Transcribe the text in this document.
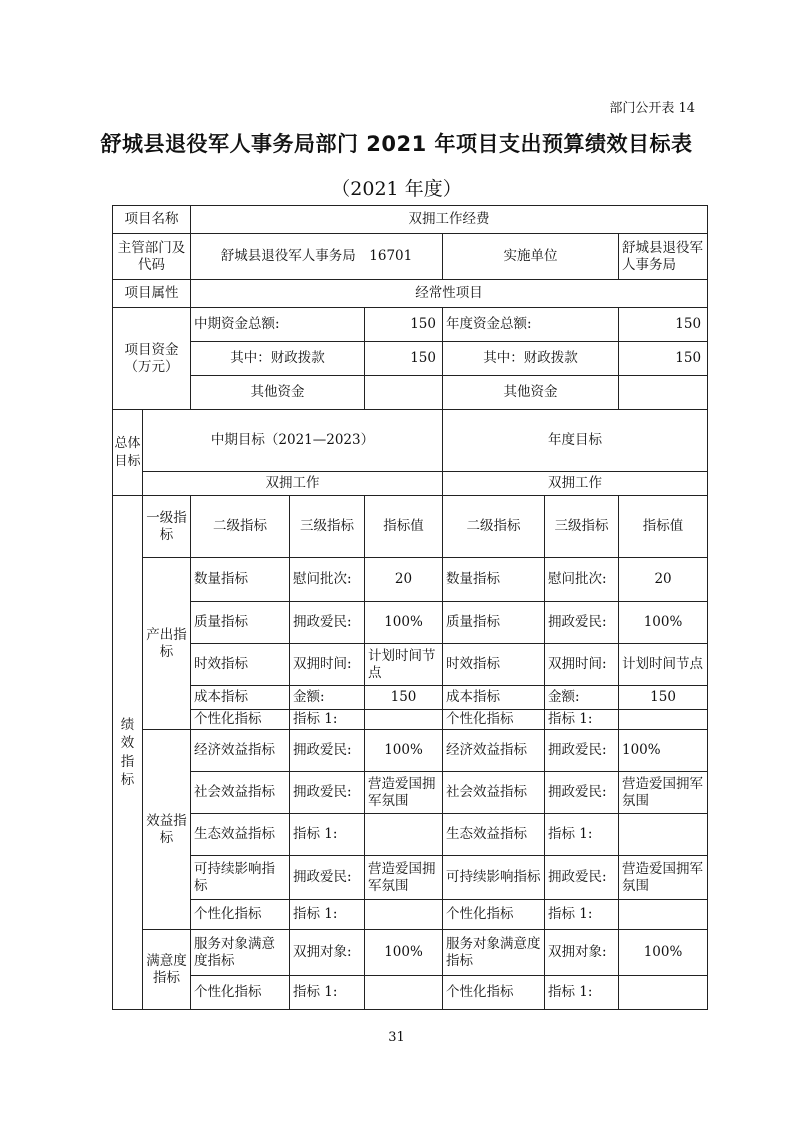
部门公开表 14
舒城县退役军人事务局部门 2021 年项目支出预算绩效目标表
（2021 年度）
项目名称		双拥工作经费					
主管部门及代码		舒城县退役军人事务局　16701			实施单位		舒城县退役军人事务局
项目属性		经常性项目					
项目资金（万元）		中期资金总额:		150	年度资金总额:		150
		其中：财政拨款		150	其中：财政拨款		150
		其他资金			其他资金		
总体目标	中期目标（2021—2023）				年度目标		
	双拥工作				双拥工作		
绩效指标	一级指标	二级指标	三级指标	指标值	二级指标	三级指标	指标值
	产出指标	数量指标	慰问批次:	20	数量指标	慰问批次:	20
		质量指标	拥政爱民:	100%	质量指标	拥政爱民:	100%
		时效指标	双拥时间:	计划时间节点	时效指标	双拥时间:	计划时间节点
		成本指标	金额:	150	成本指标	金额:	150
		个性化指标	指标 1:		个性化指标	指标 1:	
	效益指标	经济效益指标	拥政爱民:	100%	经济效益指标	拥政爱民:	100%
		社会效益指标	拥政爱民:	营造爱国拥军氛围	社会效益指标	拥政爱民:	营造爱国拥军氛围
		生态效益指标	指标 1:		生态效益指标	指标 1:	
		可持续影响指标	拥政爱民:	营造爱国拥军氛围	可持续影响指标	拥政爱民:	营造爱国拥军氛围
		个性化指标	指标 1:		个性化指标	指标 1:	
	满意度指标	服务对象满意度指标	双拥对象:	100%	服务对象满意度指标	双拥对象:	100%
		个性化指标	指标 1:		个性化指标	指标 1:	
31
